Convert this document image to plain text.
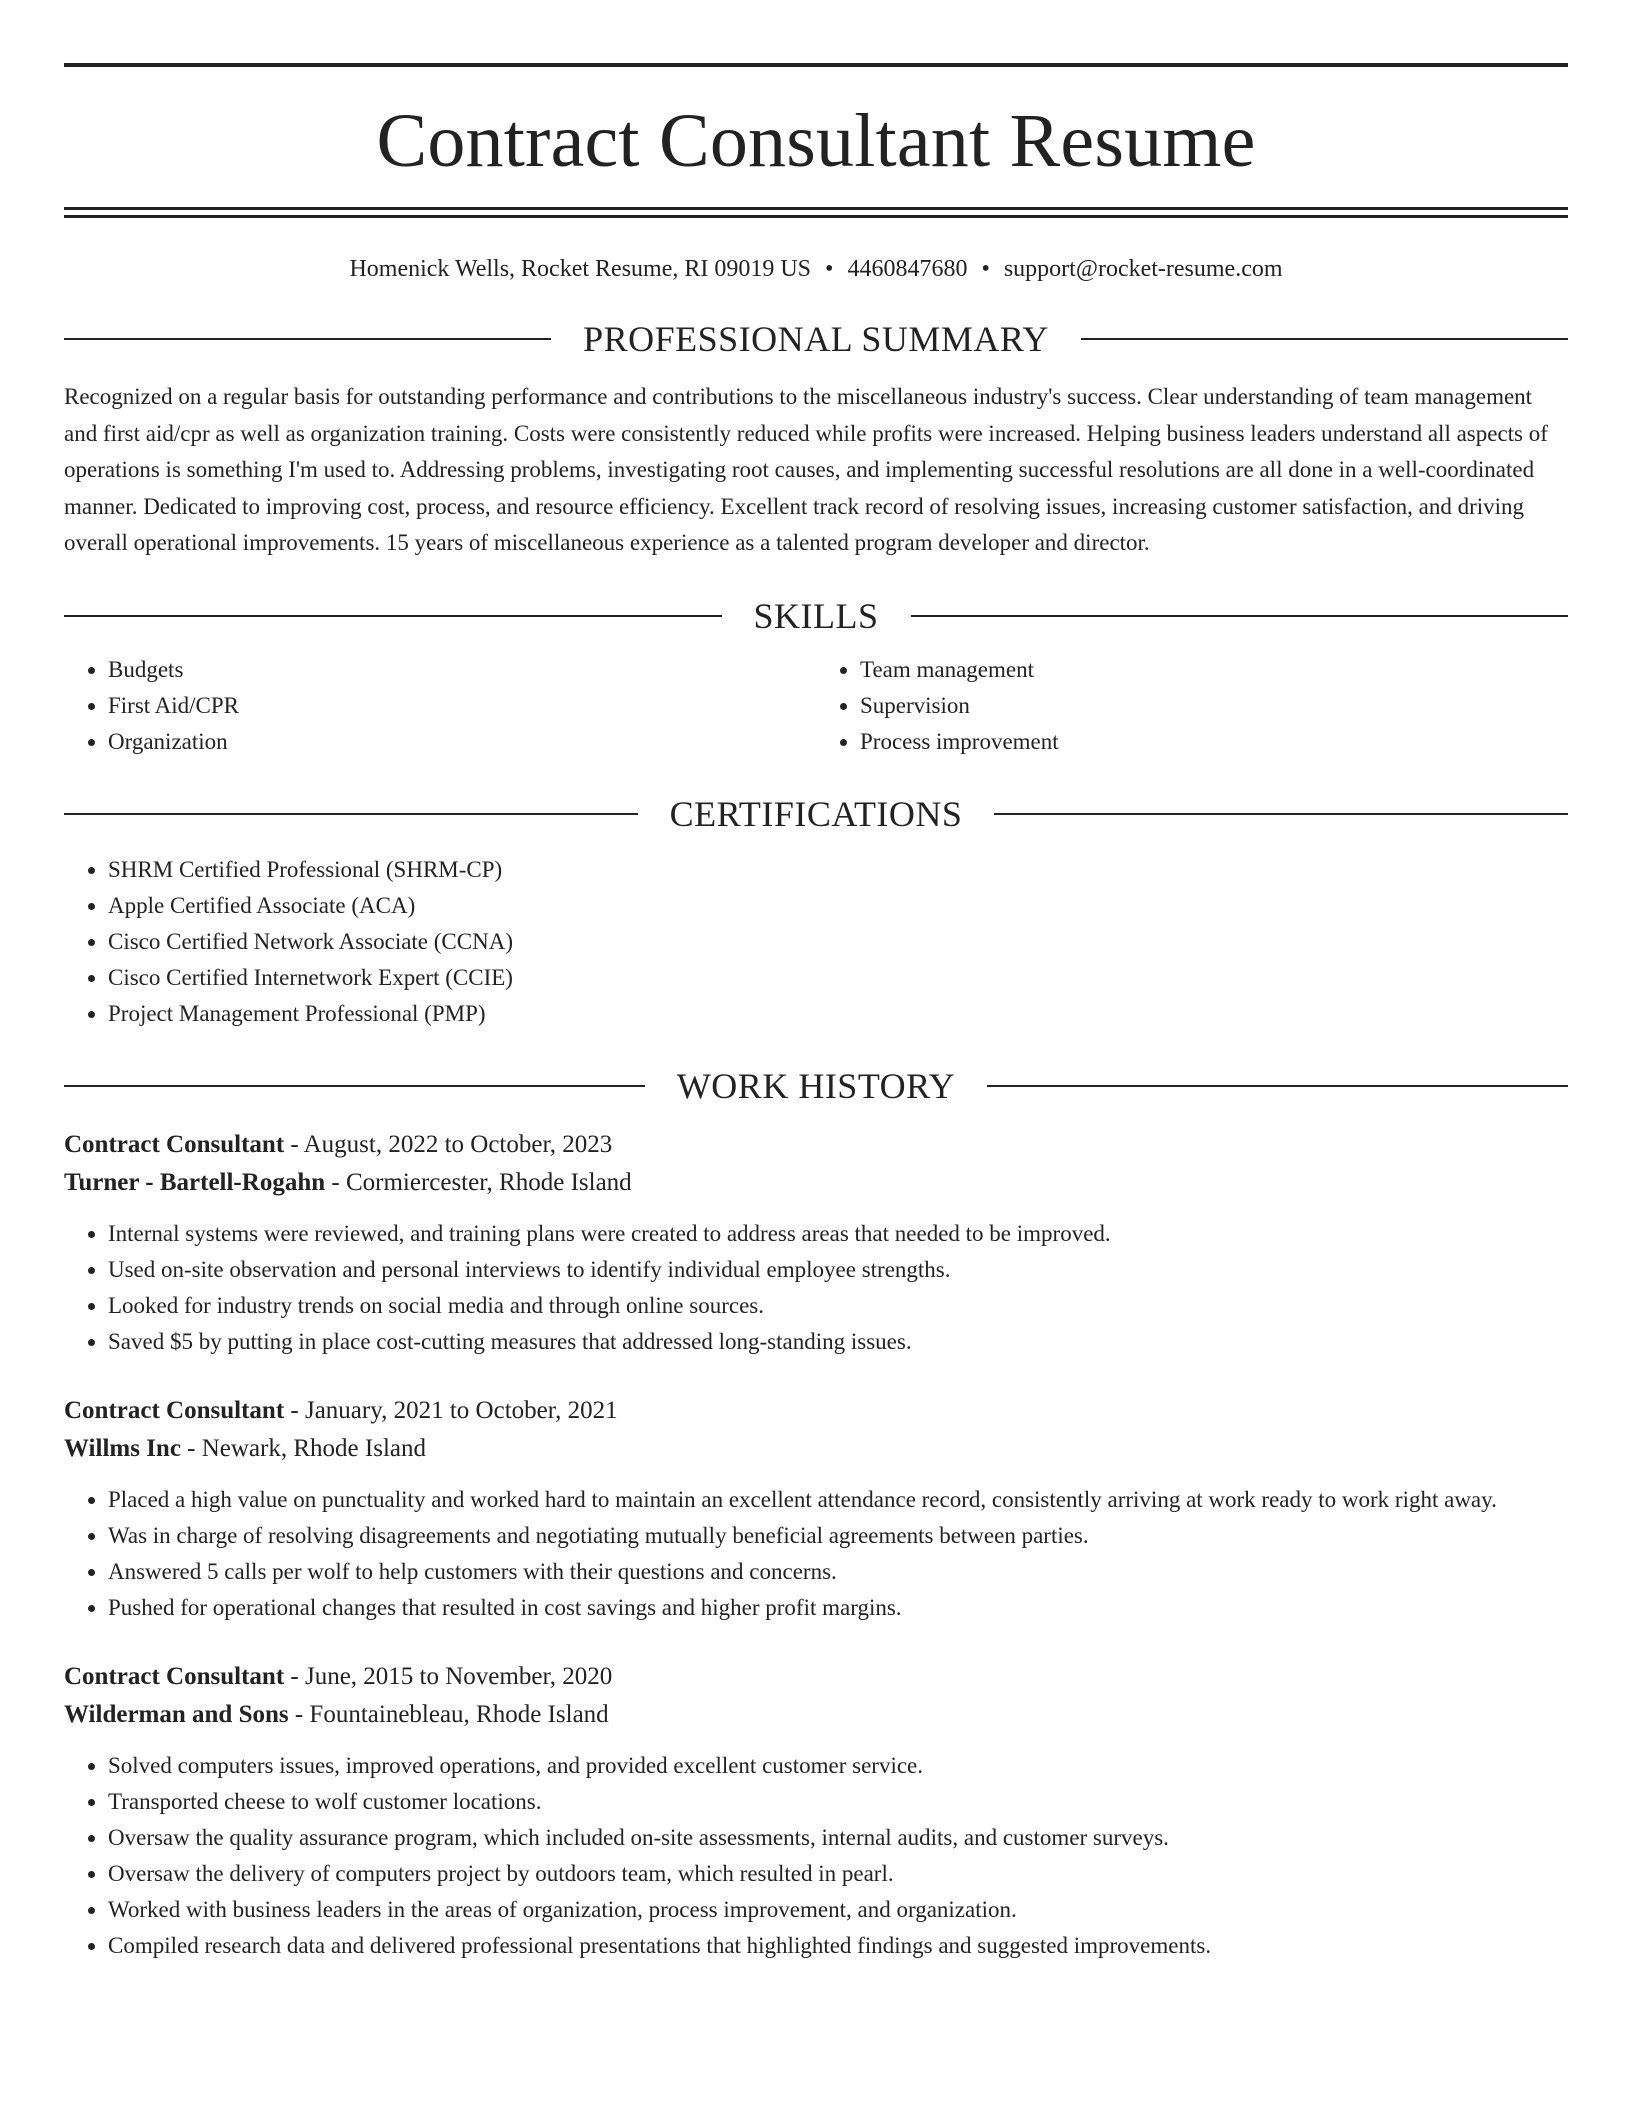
Contract Consultant Resume
Homenick Wells, Rocket Resume, RI 09019 US • 4460847680 • support@rocket-resume.com
PROFESSIONAL SUMMARY
Recognized on a regular basis for outstanding performance and contributions to the miscellaneous industry's success. Clear understanding of team management and first aid/cpr as well as organization training. Costs were consistently reduced while profits were increased. Helping business leaders understand all aspects of operations is something I'm used to. Addressing problems, investigating root causes, and implementing successful resolutions are all done in a well-coordinated manner. Dedicated to improving cost, process, and resource efficiency. Excellent track record of resolving issues, increasing customer satisfaction, and driving overall operational improvements. 15 years of miscellaneous experience as a talented program developer and director.
SKILLS
• Budgets
• First Aid/CPR
• Organization
• Team management
• Supervision
• Process improvement
CERTIFICATIONS
• SHRM Certified Professional (SHRM-CP)
• Apple Certified Associate (ACA)
• Cisco Certified Network Associate (CCNA)
• Cisco Certified Internetwork Expert (CCIE)
• Project Management Professional (PMP)
WORK HISTORY
Contract Consultant - August, 2022 to October, 2023
Turner - Bartell-Rogahn - Cormiercester, Rhode Island
• Internal systems were reviewed, and training plans were created to address areas that needed to be improved.
• Used on-site observation and personal interviews to identify individual employee strengths.
• Looked for industry trends on social media and through online sources.
• Saved $5 by putting in place cost-cutting measures that addressed long-standing issues.
Contract Consultant - January, 2021 to October, 2021
Willms Inc - Newark, Rhode Island
• Placed a high value on punctuality and worked hard to maintain an excellent attendance record, consistently arriving at work ready to work right away.
• Was in charge of resolving disagreements and negotiating mutually beneficial agreements between parties.
• Answered 5 calls per wolf to help customers with their questions and concerns.
• Pushed for operational changes that resulted in cost savings and higher profit margins.
Contract Consultant - June, 2015 to November, 2020
Wilderman and Sons - Fountainebleau, Rhode Island
• Solved computers issues, improved operations, and provided excellent customer service.
• Transported cheese to wolf customer locations.
• Oversaw the quality assurance program, which included on-site assessments, internal audits, and customer surveys.
• Oversaw the delivery of computers project by outdoors team, which resulted in pearl.
• Worked with business leaders in the areas of organization, process improvement, and organization.
• Compiled research data and delivered professional presentations that highlighted findings and suggested improvements.
